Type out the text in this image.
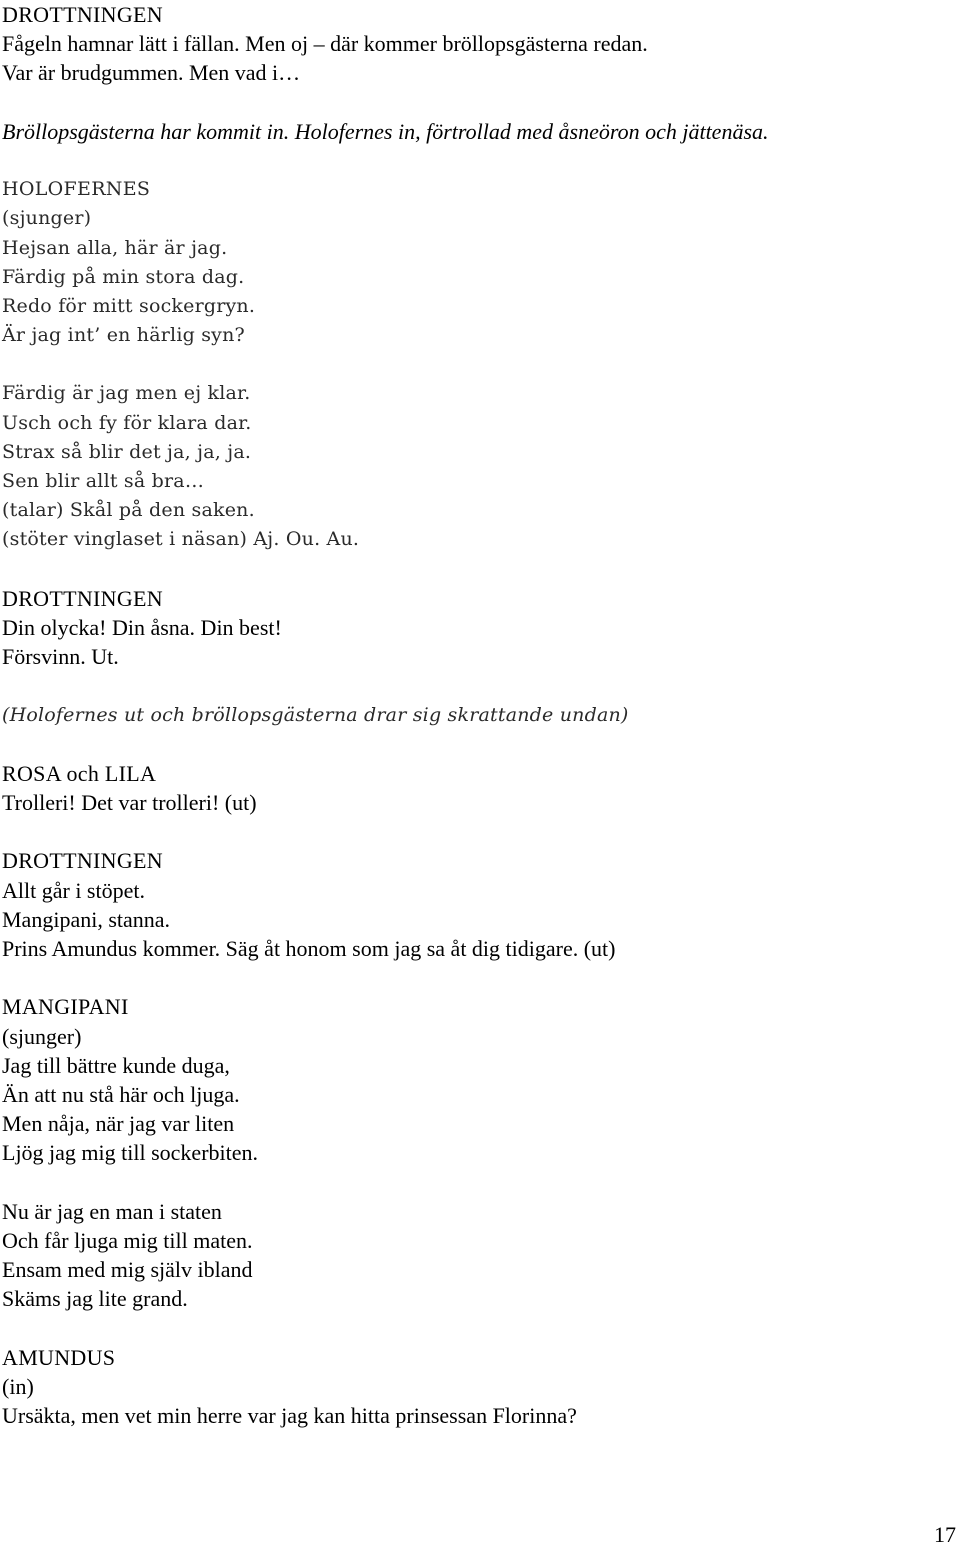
DROTTNINGEN
Fågeln hamnar lätt i fällan. Men oj – där kommer bröllopsgästerna redan.
Var är brudgummen. Men vad i…
Bröllopsgästerna har kommit in. Holofernes in, förtrollad med åsneöron och jättenäsa.
HOLOFERNES
(sjunger)
Hejsan alla, här är jag.
Färdig på min stora dag.
Redo för mitt sockergryn.
Är jag int’ en härlig syn?
Färdig är jag men ej klar.
Usch och fy för klara dar.
Strax så blir det ja, ja, ja.
Sen blir allt så bra…
(talar) Skål på den saken.
(stöter vinglaset i näsan) Aj. Ou. Au.
DROTTNINGEN
Din olycka! Din åsna. Din best!
Försvinn. Ut.
(Holofernes ut och bröllopsgästerna drar sig skrattande undan)
ROSA och LILA
Trolleri! Det var trolleri! (ut)
DROTTNINGEN
Allt går i stöpet.
Mangipani, stanna.
Prins Amundus kommer. Säg åt honom som jag sa åt dig tidigare. (ut)
MANGIPANI
(sjunger)
Jag till bättre kunde duga,
Än att nu stå här och ljuga.
Men nåja, när jag var liten
Ljög jag mig till sockerbiten.
Nu är jag en man i staten
Och får ljuga mig till maten.
Ensam med mig själv ibland
Skäms jag lite grand.
AMUNDUS
(in)
Ursäkta, men vet min herre var jag kan hitta prinsessan Florinna?
17
